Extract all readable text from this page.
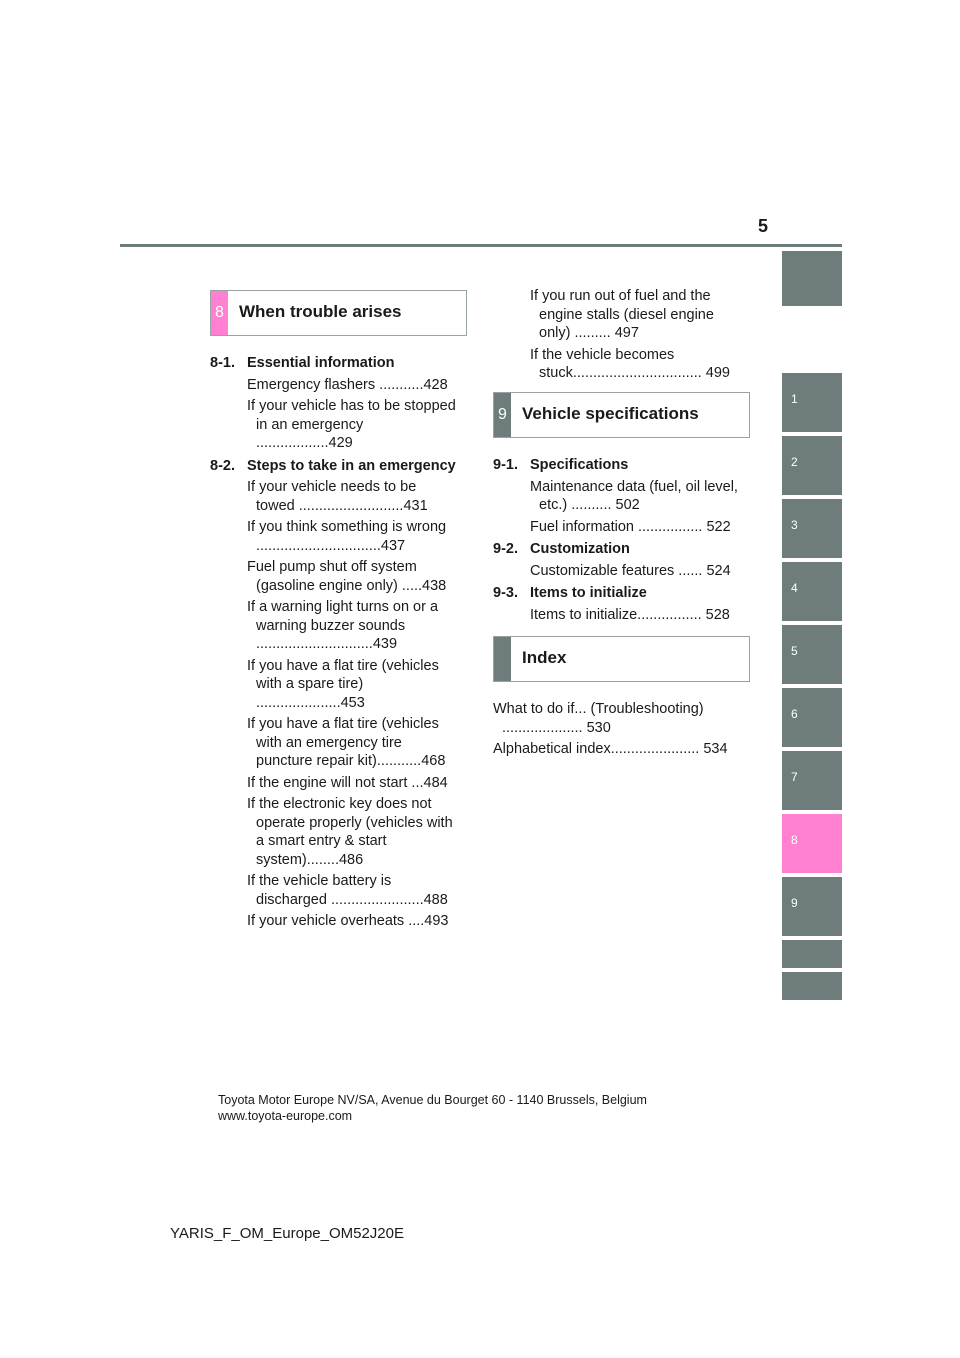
5
1
2
3
4
5
6
7
8
9
8 When trouble arises
8-1. Essential information
Emergency flashers ...........428
If your vehicle has to be stopped in an emergency ..................429
8-2. Steps to take in an emergency
If your vehicle needs to be towed ..........................431
If you think something is wrong ...............................437
Fuel pump shut off system (gasoline engine only) .....438
If a warning light turns on or a warning buzzer sounds .............................439
If you have a flat tire (vehicles with a spare tire) .....................453
If you have a flat tire (vehicles with an emergency tire puncture repair kit)...........468
If the engine will not start ...484
If the electronic key does not operate properly (vehicles with a smart entry & start system)........486
If the vehicle battery is discharged .......................488
If your vehicle overheats ....493
If you run out of fuel and the engine stalls (diesel engine only) ......... 497
If the vehicle becomes stuck................................ 499
9 Vehicle specifications
9-1. Specifications
Maintenance data (fuel, oil level, etc.) .......... 502
Fuel information ................ 522
9-2. Customization
Customizable features ...... 524
9-3. Items to initialize
Items to initialize................ 528
Index
What to do if... (Troubleshooting) .................... 530
Alphabetical index...................... 534
Toyota Motor Europe NV/SA, Avenue du Bourget 60 - 1140 Brussels, Belgium
www.toyota-europe.com
YARIS_F_OM_Europe_OM52J20E
